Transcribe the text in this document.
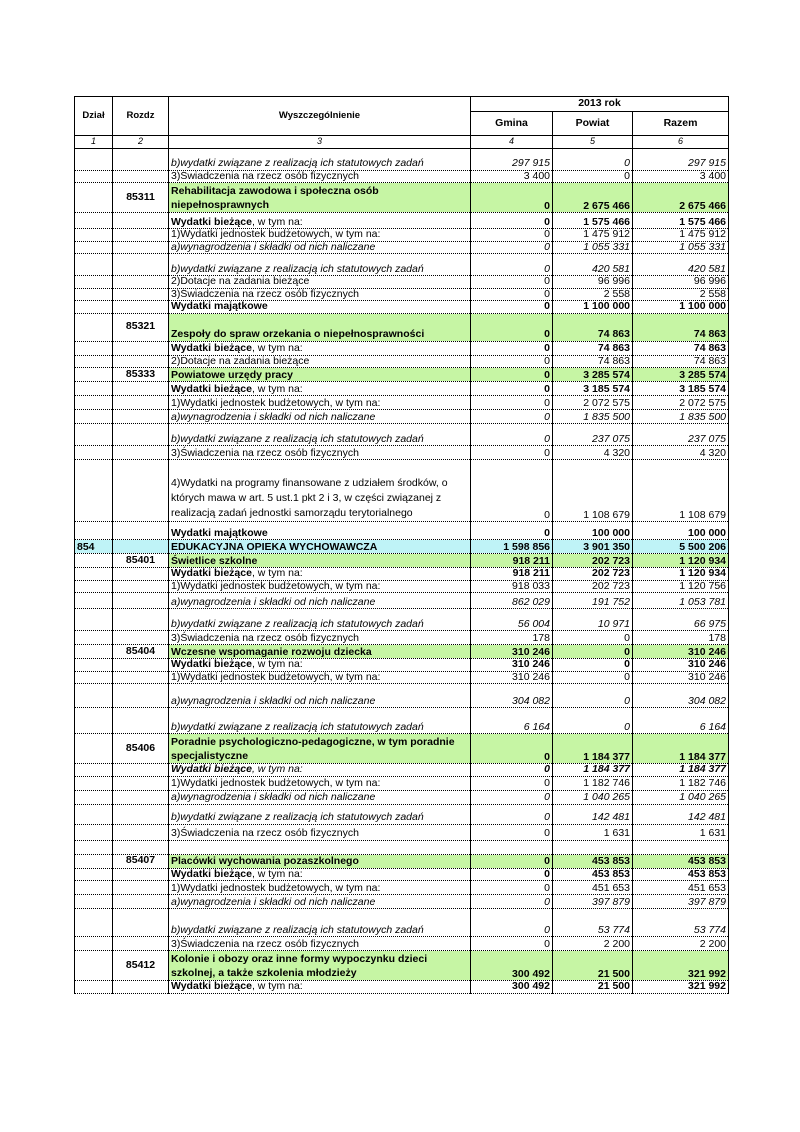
Dział	Rozdz	Wyszczególnienie	2013 rok		
			Gmina	Powiat	Razem
1	2	3	4	5	6
		b)wydatki związane z realizacją ich statutowych zadań	297 915	0	297 915
		3)Świadczenia na rzecz osób fizycznych	3 400	0	3 400
	85311	Rehabilitacja zawodowa i społeczna osób niepełnosprawnych	0	2 675 466	2 675 466
		Wydatki bieżące, w tym na:	0	1 575 466	1 575 466
		1)Wydatki jednostek budżetowych, w tym na:	0	1 475 912	1 475 912
		a)wynagrodzenia i składki od nich naliczane	0	1 055 331	1 055 331
		b)wydatki związane z realizacją ich statutowych zadań	0	420 581	420 581
		2)Dotacje na zadania bieżące	0	96 996	96 996
		3)Świadczenia na rzecz osób fizycznych	0	2 558	2 558
		Wydatki majątkowe	0	1 100 000	1 100 000
	85321	Zespoły do spraw orzekania o niepełnosprawności	0	74 863	74 863
		Wydatki bieżące, w tym na:	0	74 863	74 863
		2)Dotacje na zadania bieżące	0	74 863	74 863
	85333	Powiatowe urzędy pracy	0	3 285 574	3 285 574
		Wydatki bieżące, w tym na:	0	3 185 574	3 185 574
		1)Wydatki jednostek budżetowych, w tym na:	0	2 072 575	2 072 575
		a)wynagrodzenia i składki od nich naliczane	0	1 835 500	1 835 500
		b)wydatki związane z realizacją ich statutowych zadań	0	237 075	237 075
		3)Świadczenia na rzecz osób fizycznych	0	4 320	4 320
		4)Wydatki na programy finansowane z udziałem środków, o których mawa w art. 5 ust.1 pkt 2 i 3, w części związanej z realizacją zadań jednostki samorządu terytorialnego	0	1 108 679	1 108 679
		Wydatki majątkowe	0	100 000	100 000
854		EDUKACYJNA OPIEKA WYCHOWAWCZA	1 598 856	3 901 350	5 500 206
	85401	Świetlice szkolne	918 211	202 723	1 120 934
		Wydatki bieżące, w tym na:	918 211	202 723	1 120 934
		1)Wydatki jednostek budżetowych, w tym na:	918 033	202 723	1 120 756
		a)wynagrodzenia i składki od nich naliczane	862 029	191 752	1 053 781
		b)wydatki związane z realizacją ich statutowych zadań	56 004	10 971	66 975
		3)Świadczenia na rzecz osób fizycznych	178	0	178
	85404	Wczesne wspomaganie rozwoju dziecka	310 246	0	310 246
		Wydatki bieżące, w tym na:	310 246	0	310 246
		1)Wydatki jednostek budżetowych, w tym na:	310 246	0	310 246
		a)wynagrodzenia i składki od nich naliczane	304 082	0	304 082
		b)wydatki związane z realizacją ich statutowych zadań	6 164	0	6 164
	85406	Poradnie psychologiczno-pedagogiczne, w tym poradnie specjalistyczne	0	1 184 377	1 184 377
		Wydatki bieżące, w tym na:	0	1 184 377	1 184 377
		1)Wydatki jednostek budżetowych, w tym na:	0	1 182 746	1 182 746
		a)wynagrodzenia i składki od nich naliczane	0	1 040 265	1 040 265
		b)wydatki związane z realizacją ich statutowych zadań	0	142 481	142 481
		3)Świadczenia na rzecz osób fizycznych	0	1 631	1 631

	85407	Placówki wychowania pozaszkolnego	0	453 853	453 853
		Wydatki bieżące, w tym na:	0	453 853	453 853
		1)Wydatki jednostek budżetowych, w tym na:	0	451 653	451 653
		a)wynagrodzenia i składki od nich naliczane	0	397 879	397 879
		b)wydatki związane z realizacją ich statutowych zadań	0	53 774	53 774
		3)Świadczenia na rzecz osób fizycznych	0	2 200	2 200
	85412	Kolonie i obozy oraz inne formy wypoczynku dzieci szkolnej, a także szkolenia młodzieży	300 492	21 500	321 992
		Wydatki bieżące, w tym na:	300 492	21 500	321 992
